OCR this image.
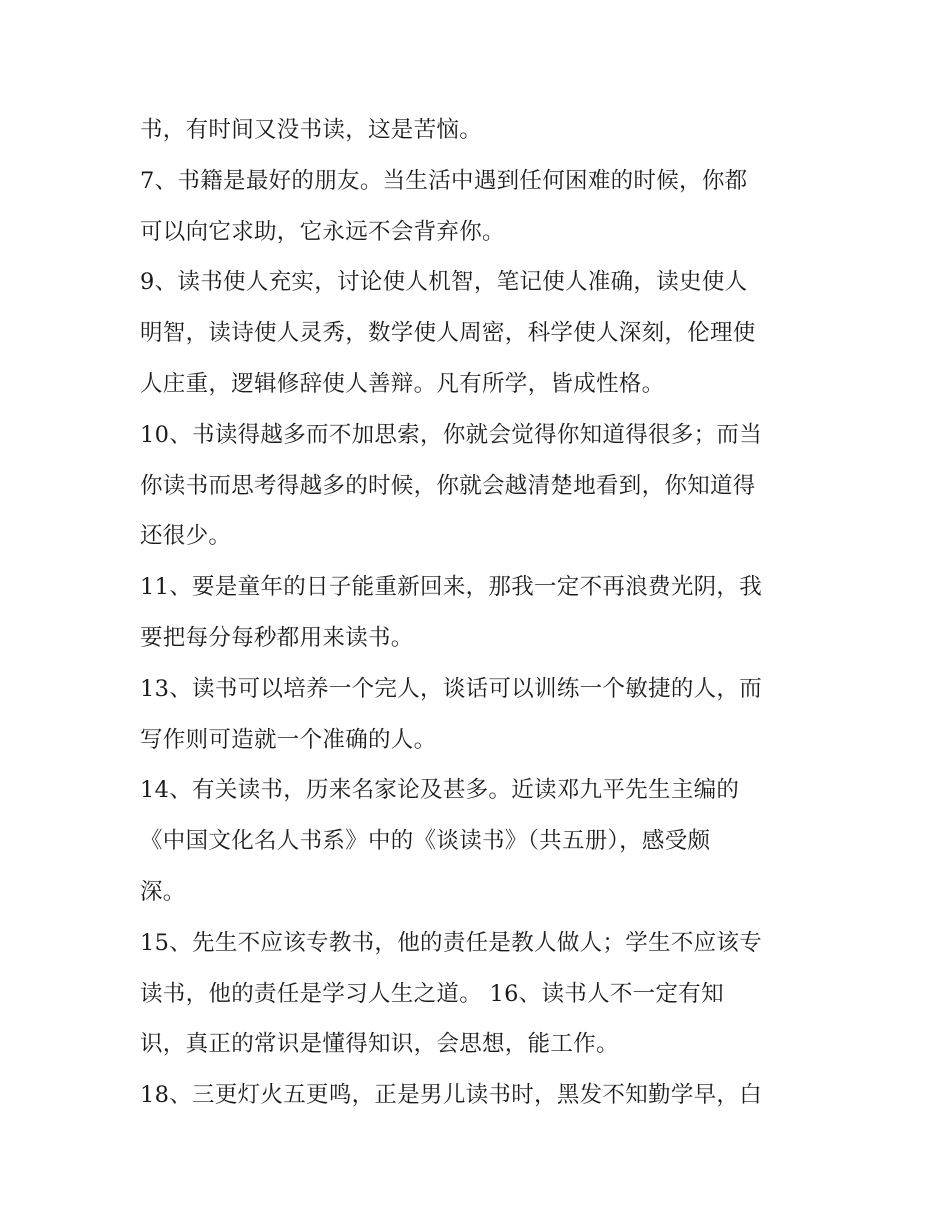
书，有时间又没书读，这是苦恼。
7、书籍是最好的朋友。当生活中遇到任何困难的时候，你都
可以向它求助，它永远不会背弃你。
9、读书使人充实，讨论使人机智，笔记使人准确，读史使人
明智，读诗使人灵秀，数学使人周密，科学使人深刻，伦理使
人庄重，逻辑修辞使人善辩。凡有所学，皆成性格。
10、书读得越多而不加思索，你就会觉得你知道得很多；而当
你读书而思考得越多的时候，你就会越清楚地看到，你知道得
还很少。
11、要是童年的日子能重新回来，那我一定不再浪费光阴，我
要把每分每秒都用来读书。
13、读书可以培养一个完人，谈话可以训练一个敏捷的人，而
写作则可造就一个准确的人。
14、有关读书，历来名家论及甚多。近读邓九平先生主编的
《中国文化名人书系》中的《谈读书》（共五册），感受颇
深。
15、先生不应该专教书，他的责任是教人做人；学生不应该专
读书，他的责任是学习人生之道。 16、读书人不一定有知
识，真正的常识是懂得知识，会思想，能工作。
18、三更灯火五更鸣，正是男儿读书时，黑发不知勤学早，白
